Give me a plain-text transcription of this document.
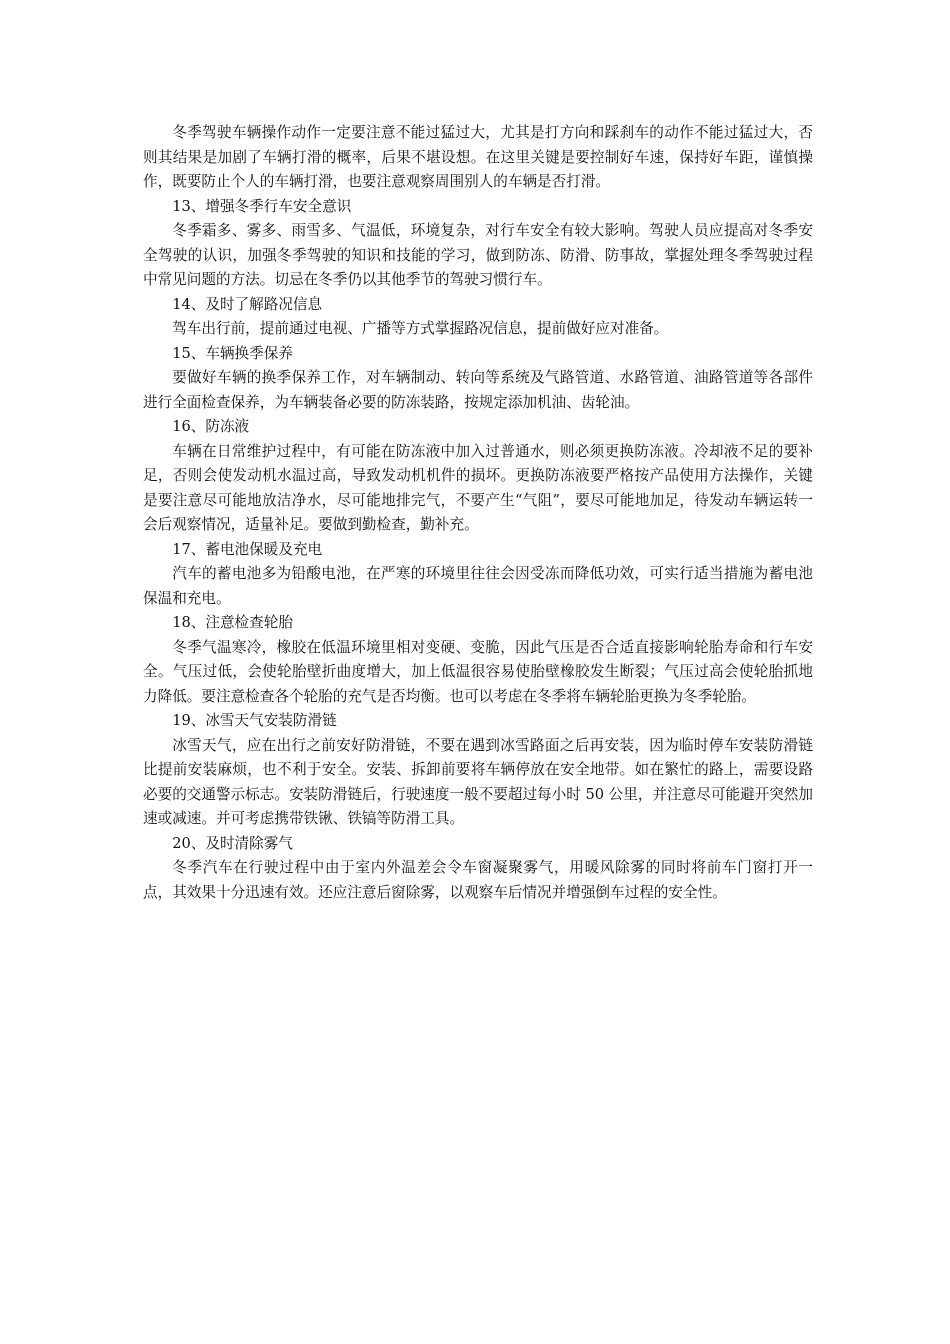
冬季驾驶车辆操作动作一定要注意不能过猛过大，尤其是打方向和踩刹车的动作不能过猛过大，否则其结果是加剧了车辆打滑的概率，后果不堪设想。在这里关键是要控制好车速，保持好车距，谨慎操作，既要防止个人的车辆打滑，也要注意观察周围别人的车辆是否打滑。

13、增强冬季行车安全意识

冬季霜多、雾多、雨雪多、气温低，环境复杂，对行车安全有较大影响。驾驶人员应提高对冬季安全驾驶的认识，加强冬季驾驶的知识和技能的学习，做到防冻、防滑、防事故，掌握处理冬季驾驶过程中常见问题的方法。切忌在冬季仍以其他季节的驾驶习惯行车。

14、及时了解路况信息

驾车出行前，提前通过电视、广播等方式掌握路况信息，提前做好应对准备。

15、车辆换季保养

要做好车辆的换季保养工作，对车辆制动、转向等系统及气路管道、水路管道、油路管道等各部件进行全面检查保养，为车辆装备必要的防冻装路，按规定添加机油、齿轮油。

16、防冻液

车辆在日常维护过程中，有可能在防冻液中加入过普通水，则必须更换防冻液。冷却液不足的要补足，否则会使发动机水温过高，导致发动机机件的损坏。更换防冻液要严格按产品使用方法操作，关键是要注意尽可能地放洁净水，尽可能地排完气，不要产生“气阻”，要尽可能地加足，待发动车辆运转一会后观察情况，适量补足。要做到勤检查，勤补充。

17、蓄电池保暖及充电

汽车的蓄电池多为铅酸电池，在严寒的环境里往往会因受冻而降低功效，可实行适当措施为蓄电池保温和充电。

18、注意检查轮胎

冬季气温寒冷，橡胶在低温环境里相对变硬、变脆，因此气压是否合适直接影响轮胎寿命和行车安全。气压过低，会使轮胎壁折曲度增大，加上低温很容易使胎壁橡胶发生断裂；气压过高会使轮胎抓地力降低。要注意检查各个轮胎的充气是否均衡。也可以考虑在冬季将车辆轮胎更换为冬季轮胎。

19、冰雪天气安装防滑链

冰雪天气，应在出行之前安好防滑链，不要在遇到冰雪路面之后再安装，因为临时停车安装防滑链比提前安装麻烦，也不利于安全。安装、拆卸前要将车辆停放在安全地带。如在繁忙的路上，需要设路必要的交通警示标志。安装防滑链后，行驶速度一般不要超过每小时 50 公里，并注意尽可能避开突然加速或减速。并可考虑携带铁锹、铁镐等防滑工具。

20、及时清除雾气

冬季汽车在行驶过程中由于室内外温差会令车窗凝聚雾气，用暖风除雾的同时将前车门窗打开一点，其效果十分迅速有效。还应注意后窗除雾，以观察车后情况并增强倒车过程的安全性。
